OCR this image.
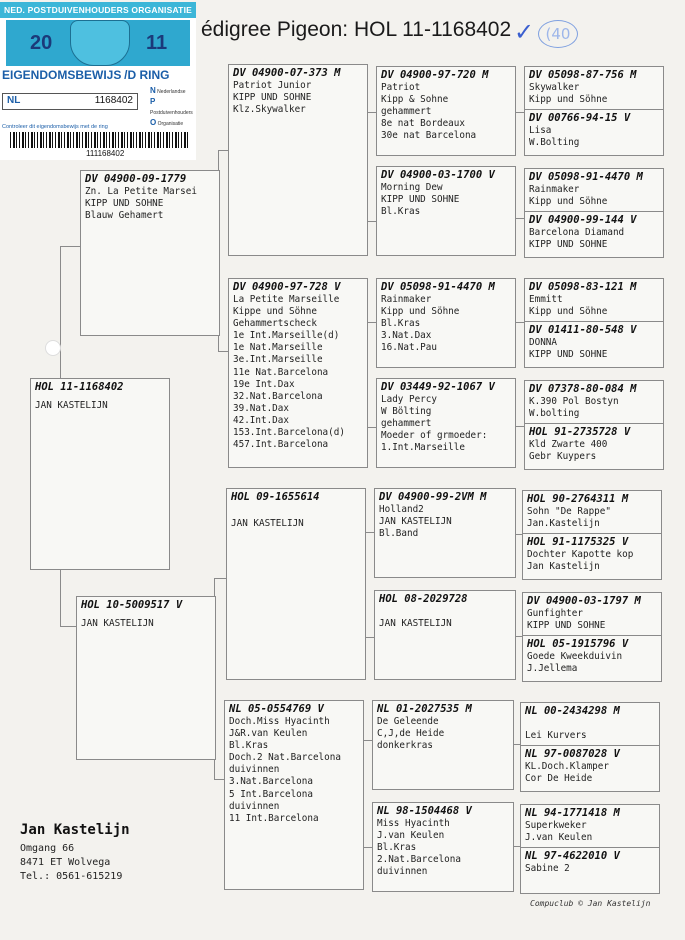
NED. POSTDUIVENHOUDERS ORGANISATIE
20	11
EIGENDOMSBEWIJS /D RING
NL	1168402
N Nederlandse
P Postduivenhouders
O Organisatie
Controleer dit eigendomsbewijs met de ring
111168402
édigree Pigeon: HOL 11-1168402 ✓ (40
HOL 11-1168402
JAN KASTELIJN
DV 04900-09-1779
Zn. La Petite Marsei
KIPP UND SOHNE
Blauw Gehamert
HOL 10-5009517 V
JAN KASTELIJN
DV 04900-07-373 M
Patriot Junior
KIPP UND SOHNE
Klz.Skywalker
DV 04900-97-728 V
La Petite Marseille
Kippe und Söhne
Gehammertscheck
1e Int.Marseille(d)
1e Nat.Marseille
3e.Int.Marseille
11e Nat.Barcelona
19e Int.Dax
32.Nat.Barcelona
39.Nat.Dax
42.Int.Dax
153.Int.Barcelona(d)
457.Int.Barcelona
HOL 09-1655614
JAN KASTELIJN
NL 05-0554769 V
Doch.Miss Hyacinth
J&R.van Keulen
Bl.Kras
Doch.2 Nat.Barcelona
duivinnen
3.Nat.Barcelona
5 Int.Barcelona
duivinnen
11 Int.Barcelona
DV 04900-97-720 M
Patriot
Kipp & Sohne
gehammert
8e nat Bordeaux
30e nat Barcelona
DV 04900-03-1700 V
Morning Dew
KIPP UND SOHNE
Bl.Kras
DV 05098-91-4470 M
Rainmaker
Kipp und Söhne
Bl.Kras
3.Nat.Dax
16.Nat.Pau
DV 03449-92-1067 V
Lady Percy
W Bölting
gehammert
Moeder of grmoeder:
1.Int.Marseille
DV 04900-99-2VM M
Holland2
JAN KASTELIJN
Bl.Band
HOL 08-2029728
JAN KASTELIJN
NL 01-2027535 M
De Geleende
C,J,de Heide
donkerkras
NL 98-1504468 V
Miss Hyacinth
J.van Keulen
Bl.Kras
2.Nat.Barcelona
duivinnen
DV 05098-87-756 M
Skywalker
Kipp und Söhne
DV 00766-94-15 V
Lisa
W.Bolting
DV 05098-91-4470 M
Rainmaker
Kipp und Söhne
DV 04900-99-144 V
Barcelona Diamand
KIPP UND SOHNE
DV 05098-83-121 M
Emmitt
Kipp und Söhne
DV 01411-80-548 V
DONNA
KIPP UND SOHNE
DV 07378-80-084 M
K.390 Pol Bostyn
W.bolting
HOL 91-2735728 V
Kld Zwarte 400
Gebr Kuypers
HOL 90-2764311 M
Sohn "De Rappe"
Jan.Kastelijn
HOL 91-1175325 V
Dochter Kapotte kop
Jan Kastelijn
DV 04900-03-1797 M
Gunfighter
KIPP UND SOHNE
HOL 05-1915796 V
Goede Kweekduivin
J.Jellema
NL 00-2434298 M

Lei Kurvers
NL 97-0087028 V
KL.Doch.Klamper
Cor De Heide
NL 94-1771418 M
Superkweker
J.van Keulen
NL 97-4622010 V
Sabine 2
Jan Kastelijn
Omgang 66
8471 ET Wolvega
Tel.: 0561-615219
Compuclub © Jan Kastelijn
